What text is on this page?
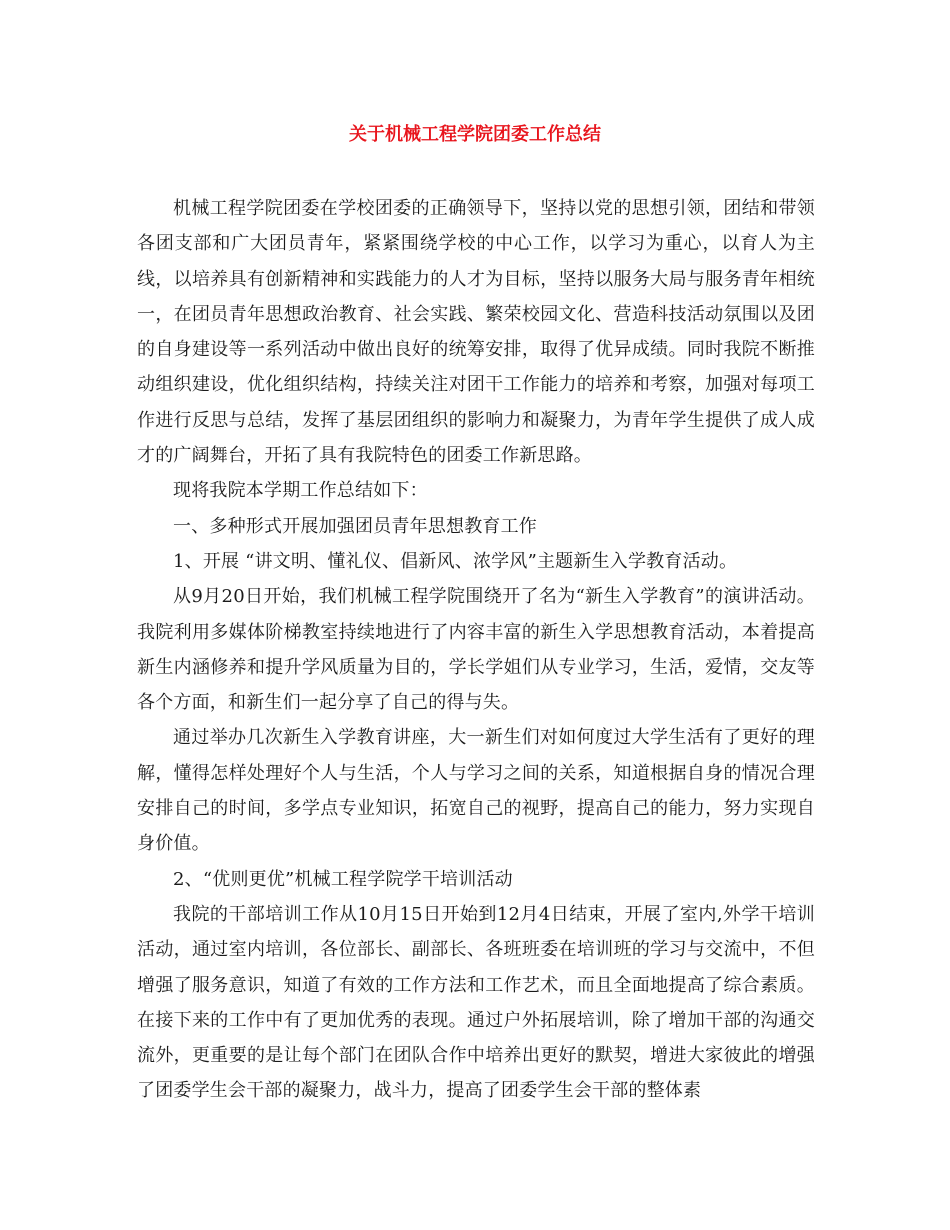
关于机械工程学院团委工作总结

机械工程学院团委在学校团委的正确领导下，坚持以党的思想引领，团结和带领各团支部和广大团员青年，紧紧围绕学校的中心工作，以学习为重心，以育人为主线，以培养具有创新精神和实践能力的人才为目标，坚持以服务大局与服务青年相统一，在团员青年思想政治教育、社会实践、繁荣校园文化、营造科技活动氛围以及团的自身建设等一系列活动中做出良好的统筹安排，取得了优异成绩。同时我院不断推动组织建设，优化组织结构，持续关注对团干工作能力的培养和考察，加强对每项工作进行反思与总结，发挥了基层团组织的影响力和凝聚力，为青年学生提供了成人成才的广阔舞台，开拓了具有我院特色的团委工作新思路。

现将我院本学期工作总结如下：

一、多种形式开展加强团员青年思想教育工作

1、开展 “讲文明、懂礼仪、倡新风、浓学风”主题新生入学教育活动。

从9月20日开始，我们机械工程学院围绕开了名为“新生入学教育”的演讲活动。我院利用多媒体阶梯教室持续地进行了内容丰富的新生入学思想教育活动，本着提高新生内涵修养和提升学风质量为目的，学长学姐们从专业学习，生活，爱情，交友等各个方面，和新生们一起分享了自己的得与失。

通过举办几次新生入学教育讲座，大一新生们对如何度过大学生活有了更好的理解，懂得怎样处理好个人与生活，个人与学习之间的关系，知道根据自身的情况合理安排自己的时间，多学点专业知识，拓宽自己的视野，提高自己的能力，努力实现自身价值。

2、“优则更优”机械工程学院学干培训活动

我院的干部培训工作从10月15日开始到12月4日结束，开展了室内,外学干培训活动，通过室内培训，各位部长、副部长、各班班委在培训班的学习与交流中，不但增强了服务意识，知道了有效的工作方法和工作艺术，而且全面地提高了综合素质。在接下来的工作中有了更加优秀的表现。通过户外拓展培训，除了增加干部的沟通交流外，更重要的是让每个部门在团队合作中培养出更好的默契，增进大家彼此的增强了团委学生会干部的凝聚力，战斗力，提高了团委学生会干部的整体素
